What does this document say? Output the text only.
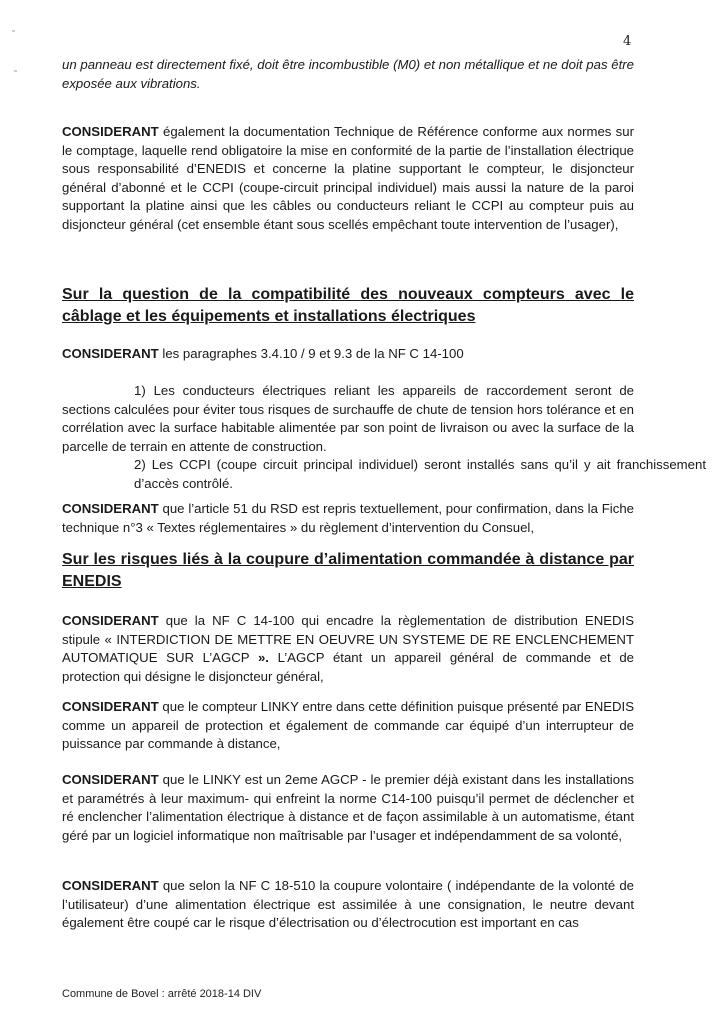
4
un panneau est directement fixé, doit être incombustible (M0) et non métallique et ne doit pas être exposée aux vibrations.
CONSIDERANT également la documentation Technique de Référence conforme aux normes sur le comptage, laquelle rend obligatoire la mise en conformité de la partie de l’installation électrique sous responsabilité d’ENEDIS et concerne la platine supportant le compteur, le disjoncteur général d’abonné et le CCPI (coupe-circuit principal individuel) mais aussi la nature de la paroi supportant la platine ainsi que les câbles ou conducteurs reliant le CCPI au compteur puis au disjoncteur général (cet ensemble étant sous scellés empêchant toute intervention de l’usager),
Sur la question de la compatibilité des nouveaux compteurs avec le câblage et les équipements et installations électriques
CONSIDERANT les paragraphes 3.4.10 / 9 et 9.3 de la NF C 14-100
1) Les conducteurs électriques reliant les appareils de raccordement seront de sections calculées pour éviter tous risques de surchauffe de chute de tension hors tolérance et en corrélation avec la surface habitable alimentée par son point de livraison ou avec la surface de la parcelle de terrain en attente de construction.
2) Les CCPI (coupe circuit principal individuel) seront installés sans qu’il y ait franchissement d’accès contrôlé.
CONSIDERANT que l’article 51 du RSD est repris textuellement, pour confirmation, dans la Fiche technique n°3 « Textes réglementaires » du règlement d’intervention du Consuel,
Sur les risques liés à la coupure d’alimentation commandée à distance par ENEDIS
CONSIDERANT que la NF C 14-100 qui encadre la règlementation de distribution ENEDIS stipule « INTERDICTION DE METTRE EN OEUVRE UN SYSTEME DE RE ENCLENCHEMENT AUTOMATIQUE SUR L’AGCP ». L’AGCP étant un appareil général de commande et de protection qui désigne le disjoncteur général,
CONSIDERANT que le compteur LINKY entre dans cette définition puisque présenté par ENEDIS comme un appareil de protection et également de commande car équipé d’un interrupteur de puissance par commande à distance,
CONSIDERANT que le LINKY est un 2eme AGCP - le premier déjà existant dans les installations et paramétrés à leur maximum- qui enfreint la norme C14-100 puisqu’il permet de déclencher et ré enclencher l’alimentation électrique à distance et de façon assimilable à un automatisme, étant géré par un logiciel informatique non maîtrisable par l’usager et indépendamment de sa volonté,
CONSIDERANT que selon la NF C 18-510 la coupure volontaire ( indépendante de la volonté de l’utilisateur) d’une alimentation électrique est assimilée à une consignation, le neutre devant également être coupé car le risque d’électrisation ou d’électrocution est important en cas
Commune de Bovel : arrêté 2018-14 DIV
